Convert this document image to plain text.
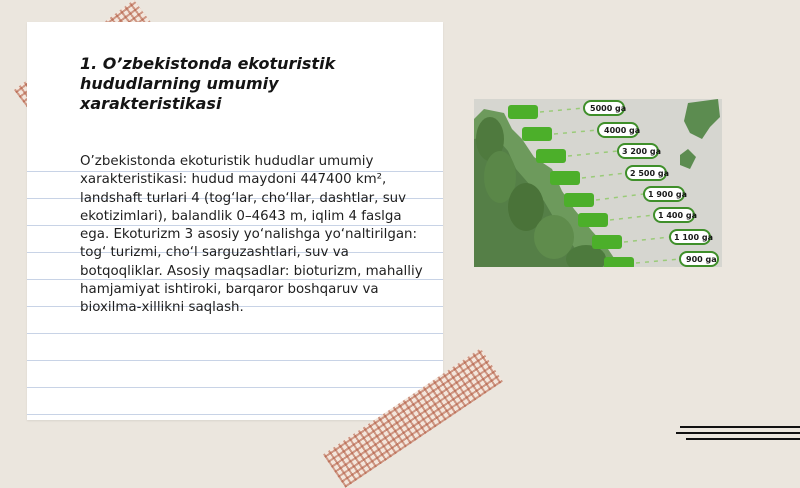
1. O’zbekistonda ekoturistik hududlarning umumiy xarakteristikasi

O’zbekistonda ekoturistik hududlar umumiy xarakteristikasi: hudud maydoni 447400 km², landshaft turlari 4 (tog‘lar, cho‘llar, dashtlar, suv ekotizimlari), balandlik 0–4643 m, iqlim 4 faslga ega. Ekoturizm 3 asosiy yo‘nalishga yo‘naltirilgan: tog‘ turizmi, cho‘l sarguzashtlari, suv va botqoqliklar. Asosiy maqsadlar: bioturizm, mahalliy hamjamiyat ishtiroki, barqaror boshqaruv va bioxilma-xillikni saqlash.

5000 ga
4000 ga
3 200 ga
2 500 ga
1 900 ga
1 400 ga
1 100 ga
900 ga
